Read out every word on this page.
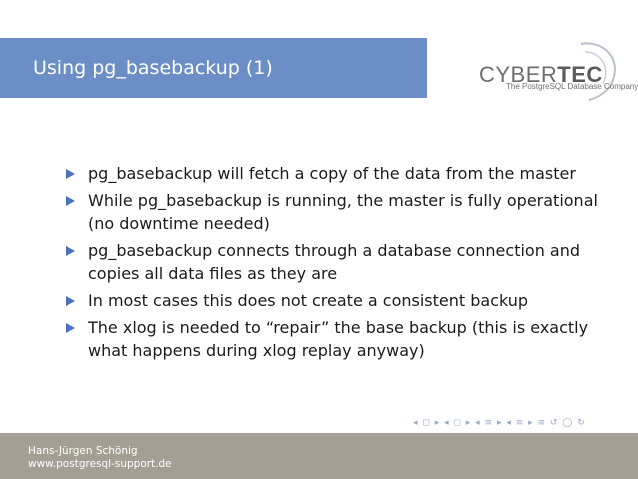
Using pg_basebackup (1)	CYBERTEC
The PostgreSQL Database Company
pg_basebackup will fetch a copy of the data from the master
While pg_basebackup is running, the master is fully operational (no downtime needed)
pg_basebackup connects through a database connection and copies all data files as they are
In most cases this does not create a consistent backup
The xlog is needed to “repair” the base backup (this is exactly what happens during xlog replay anyway)
◂ ◻ ▸ ◂ ◻ ▸ ◂ ≡ ▸ ◂ ≡ ▸ ≡ ↺ ◯ ↻
Hans-Jürgen Schönig
www.postgresql-support.de
